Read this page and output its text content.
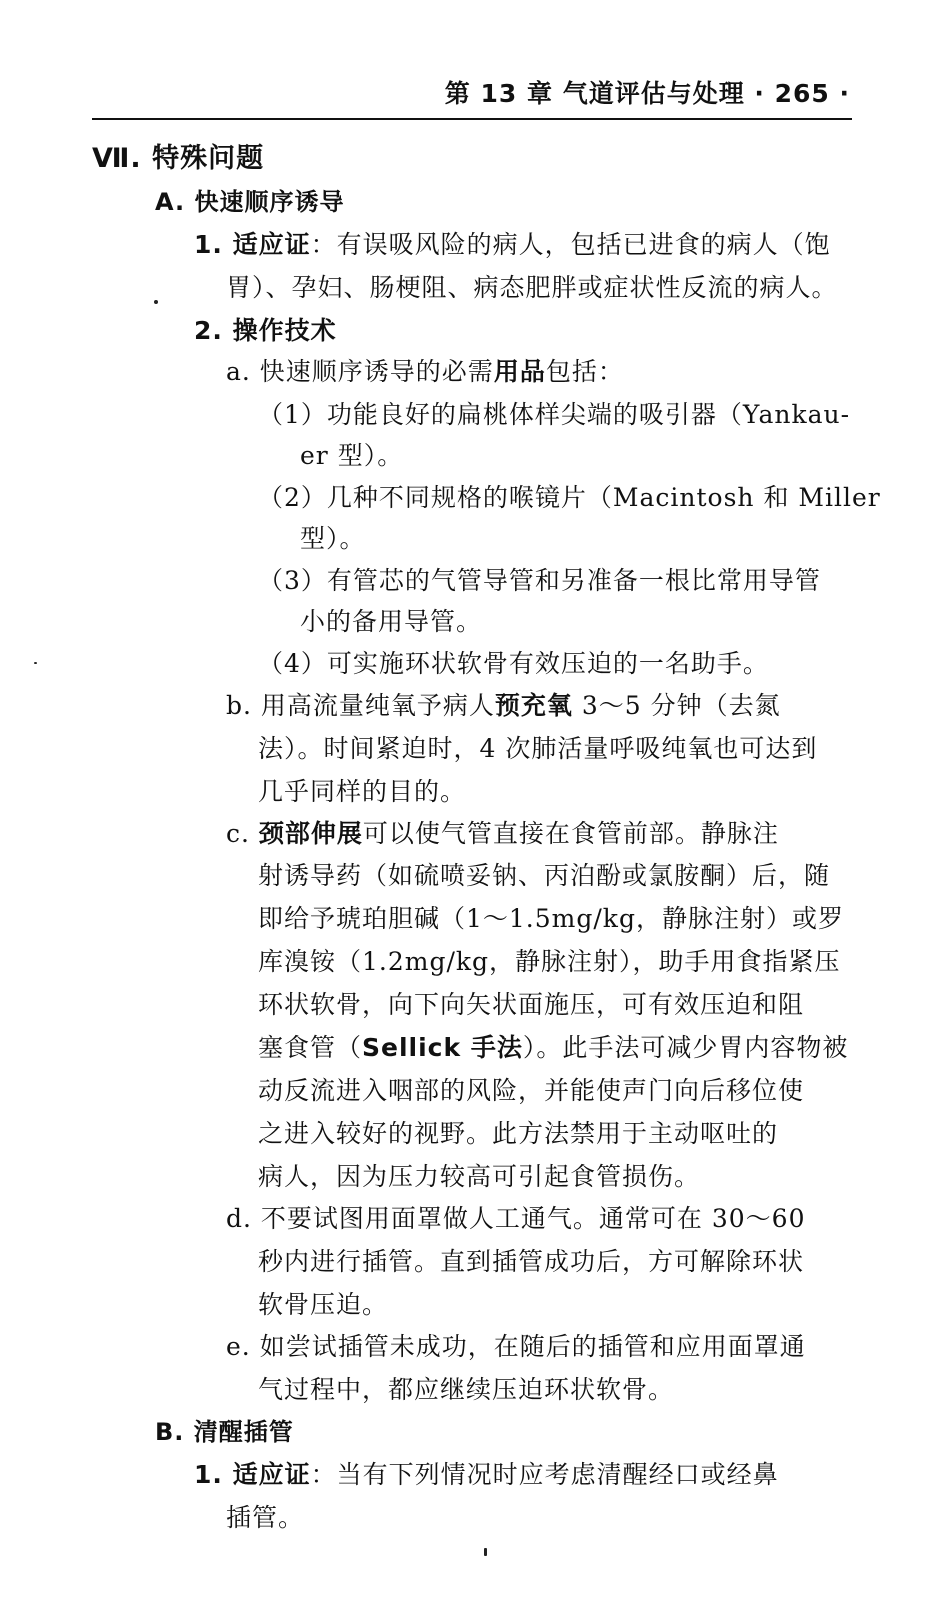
第 13 章 气道评估与处理 · 265 ·
Ⅶ. 特殊问题
A. 快速顺序诱导
1. 适应证：有误吸风险的病人，包括已进食的病人（饱
胃）、孕妇、肠梗阻、病态肥胖或症状性反流的病人。
2. 操作技术
a. 快速顺序诱导的必需用品包括：
（1）功能良好的扁桃体样尖端的吸引器（Yankau-
er 型）。
（2）几种不同规格的喉镜片（Macintosh 和 Miller
型）。
（3）有管芯的气管导管和另准备一根比常用导管
小的备用导管。
（4）可实施环状软骨有效压迫的一名助手。
b. 用高流量纯氧予病人预充氧 3～5 分钟（去氮
法）。时间紧迫时，4 次肺活量呼吸纯氧也可达到
几乎同样的目的。
c. 颈部伸展可以使气管直接在食管前部。静脉注
射诱导药（如硫喷妥钠、丙泊酚或氯胺酮）后，随
即给予琥珀胆碱（1～1.5mg/kg，静脉注射）或罗
库溴铵（1.2mg/kg，静脉注射），助手用食指紧压
环状软骨，向下向矢状面施压，可有效压迫和阻
塞食管（Sellick 手法）。此手法可减少胃内容物被
动反流进入咽部的风险，并能使声门向后移位使
之进入较好的视野。此方法禁用于主动呕吐的
病人，因为压力较高可引起食管损伤。
d. 不要试图用面罩做人工通气。通常可在 30～60
秒内进行插管。直到插管成功后，方可解除环状
软骨压迫。
e. 如尝试插管未成功，在随后的插管和应用面罩通
气过程中，都应继续压迫环状软骨。
B. 清醒插管
1. 适应证：当有下列情况时应考虑清醒经口或经鼻
插管。
